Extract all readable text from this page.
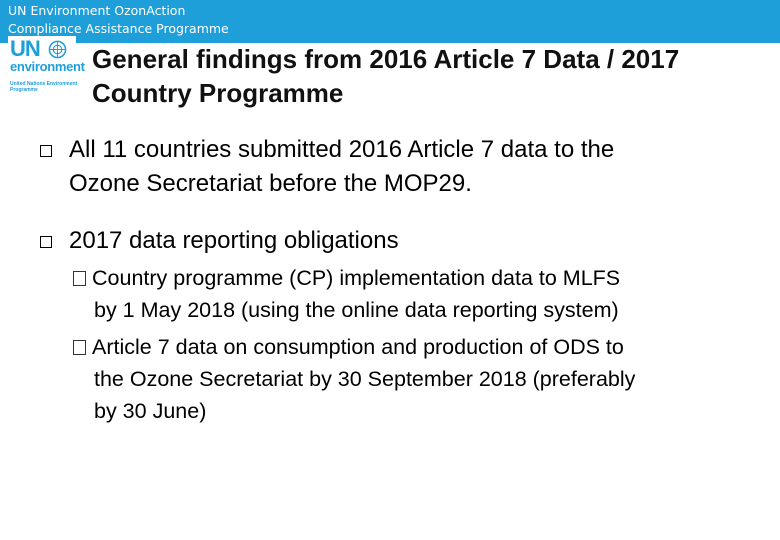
UN Environment OzonAction
Compliance Assistance Programme
UN
environment
United Nations Environment Programme
General findings from 2016 Article 7 Data / 2017
Country Programme
All 11 countries submitted 2016 Article 7 data to the
Ozone Secretariat before the MOP29.
2017 data reporting obligations
Country programme (CP) implementation data to MLFS
by 1 May 2018 (using the online data reporting system)
Article 7 data on consumption and production of ODS to
the Ozone Secretariat by 30 September 2018 (preferably
by 30 June)
